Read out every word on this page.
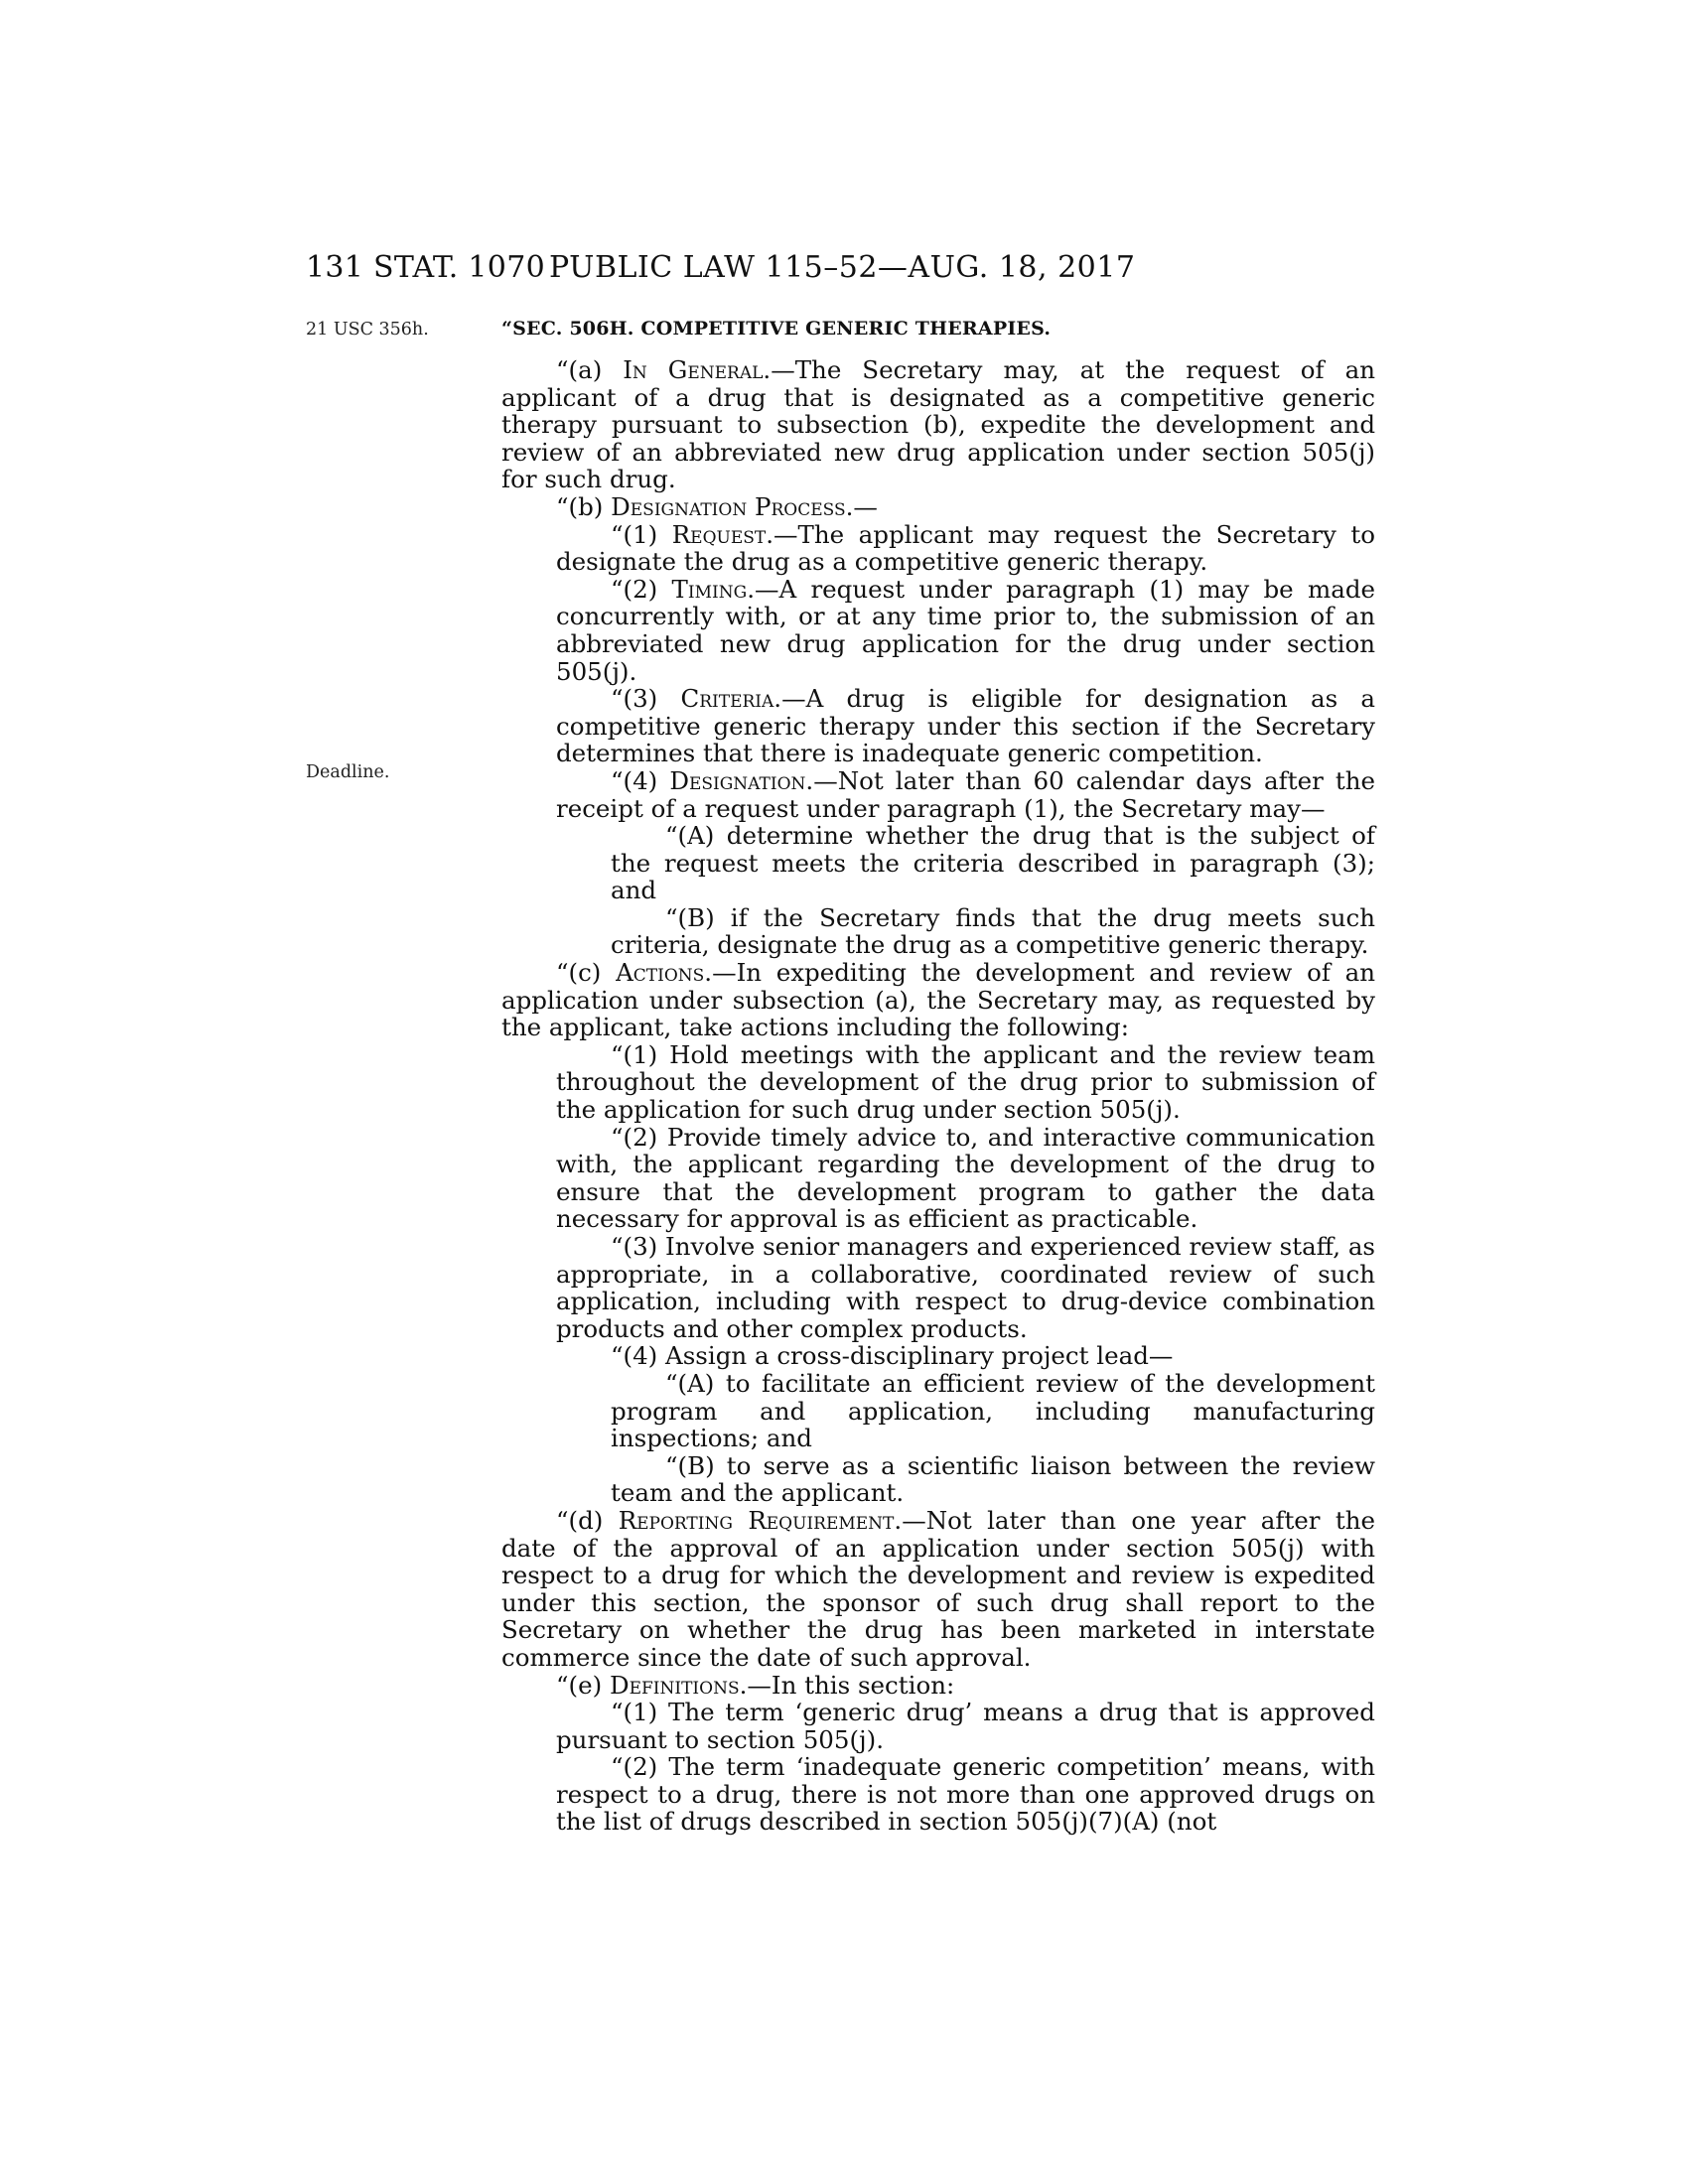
131 STAT. 1070 PUBLIC LAW 115–52—AUG. 18, 2017
21 USC 356h.
Deadline.
“SEC. 506H. COMPETITIVE GENERIC THERAPIES.

“(a) In General.—The Secretary may, at the request of an applicant of a drug that is designated as a competitive generic therapy pursuant to subsection (b), expedite the development and review of an abbreviated new drug application under section 505(j) for such drug.

“(b) Designation Process.—

“(1) Request.—The applicant may request the Secretary to designate the drug as a competitive generic therapy.

“(2) Timing.—A request under paragraph (1) may be made concurrently with, or at any time prior to, the submission of an abbreviated new drug application for the drug under section 505(j).

“(3) Criteria.—A drug is eligible for designation as a competitive generic therapy under this section if the Secretary determines that there is inadequate generic competition.

“(4) Designation.—Not later than 60 calendar days after the receipt of a request under paragraph (1), the Secretary may—

“(A) determine whether the drug that is the subject of the request meets the criteria described in paragraph (3); and

“(B) if the Secretary finds that the drug meets such criteria, designate the drug as a competitive generic therapy.

“(c) Actions.—In expediting the development and review of an application under subsection (a), the Secretary may, as requested by the applicant, take actions including the following:

“(1) Hold meetings with the applicant and the review team throughout the development of the drug prior to submission of the application for such drug under section 505(j).

“(2) Provide timely advice to, and interactive communication with, the applicant regarding the development of the drug to ensure that the development program to gather the data necessary for approval is as efficient as practicable.

“(3) Involve senior managers and experienced review staff, as appropriate, in a collaborative, coordinated review of such application, including with respect to drug-device combination products and other complex products.

“(4) Assign a cross-disciplinary project lead—

“(A) to facilitate an efficient review of the development program and application, including manufacturing inspections; and

“(B) to serve as a scientific liaison between the review team and the applicant.

“(d) Reporting Requirement.—Not later than one year after the date of the approval of an application under section 505(j) with respect to a drug for which the development and review is expedited under this section, the sponsor of such drug shall report to the Secretary on whether the drug has been marketed in interstate commerce since the date of such approval.

“(e) Definitions.—In this section:

“(1) The term ‘generic drug’ means a drug that is approved pursuant to section 505(j).

“(2) The term ‘inadequate generic competition’ means, with respect to a drug, there is not more than one approved drugs on the list of drugs described in section 505(j)(7)(A) (not
